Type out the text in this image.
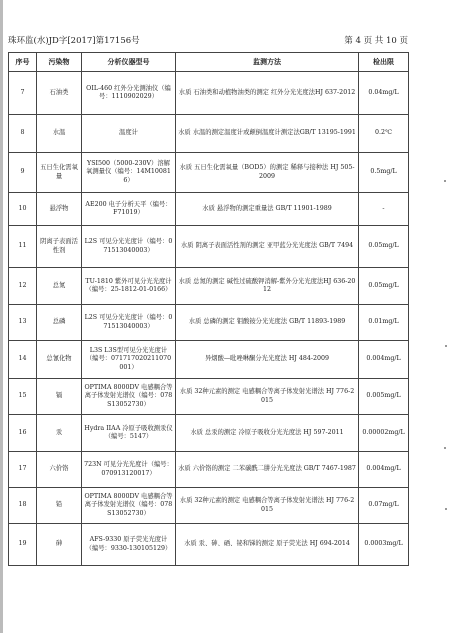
珠环监(水)JD字[2017]第17156号	第 4 页 共 10 页
序号	污染物	分析仪器型号	监测方法	检出限
7	石油类	OIL-460 红外分光测油仪（编号：1110902029）	水质 石油类和动植物油类的测定 红外分光光度法HJ 637-2012	0.04mg/L
8	水温	温度计	水质 水温的测定温度计或颠倒温度计测定法GB/T 13195-1991	0.2℃
9	五日生化需氧量	YSI500（5000-230V）溶解氧测量仪（编号：14M100816）	水质 五日生化需氧量（BOD5）的测定 稀释与接种法 HJ 505-2009	0.5mg/L
10	悬浮物	AE200 电子分析天平（编号：F71019）	水质 悬浮物的测定重量法 GB/T 11901-1989	-
11	阴离子表面活性剂	L2S 可见分光光度计（编号：071513040003）	水质 阴离子表面活性剂的测定 亚甲蓝分光光度法 GB/T 7494	0.05mg/L
12	总氮	TU-1810 紫外可见分光光度计（编号：25-1812-01-0166）	水质 总氮的测定 碱性过硫酸钾消解-紫外分光光度法HJ 636-2012	0.05mg/L
13	总磷	L2S 可见分光光度计（编号：071513040003）	水质 总磷的测定 钼酸铵分光光度法 GB/T 11893-1989	0.01mg/L
14	总氰化物	L3S L3S型可见分光光度计（编号：071717020211070001）	异烟酸—吡唑啉酮分光光度法 HJ 484-2009	0.004mg/L
15	镉	OPTIMA 8000DV 电感耦合等离子体发射光谱仪（编号：078S13052730）	水质 32种元素的测定 电感耦合等离子体发射光谱法 HJ 776-2015	0.005mg/L
16	汞	Hydra IIAA 冷原子吸收测汞仪（编号：5147）	水质 总汞的测定 冷原子吸收分光光度法 HJ 597-2011	0.00002mg/L
17	六价铬	723N 可见分光光度计（编号：070913120017）	水质 六价铬的测定 二苯碳酰二肼分光光度法 GB/T 7467-1987	0.004mg/L
18	铅	OPTIMA 8000DV 电感耦合等离子体发射光谱仪（编号：078S13052730）	水质 32种元素的测定 电感耦合等离子体发射光谱法 HJ 776-2015	0.07mg/L
19	砷	AFS-9330 原子荧光光度计（编号：9330-130105129）	水质 汞、砷、硒、铋和锑的测定 原子荧光法 HJ 694-2014	0.0003mg/L
